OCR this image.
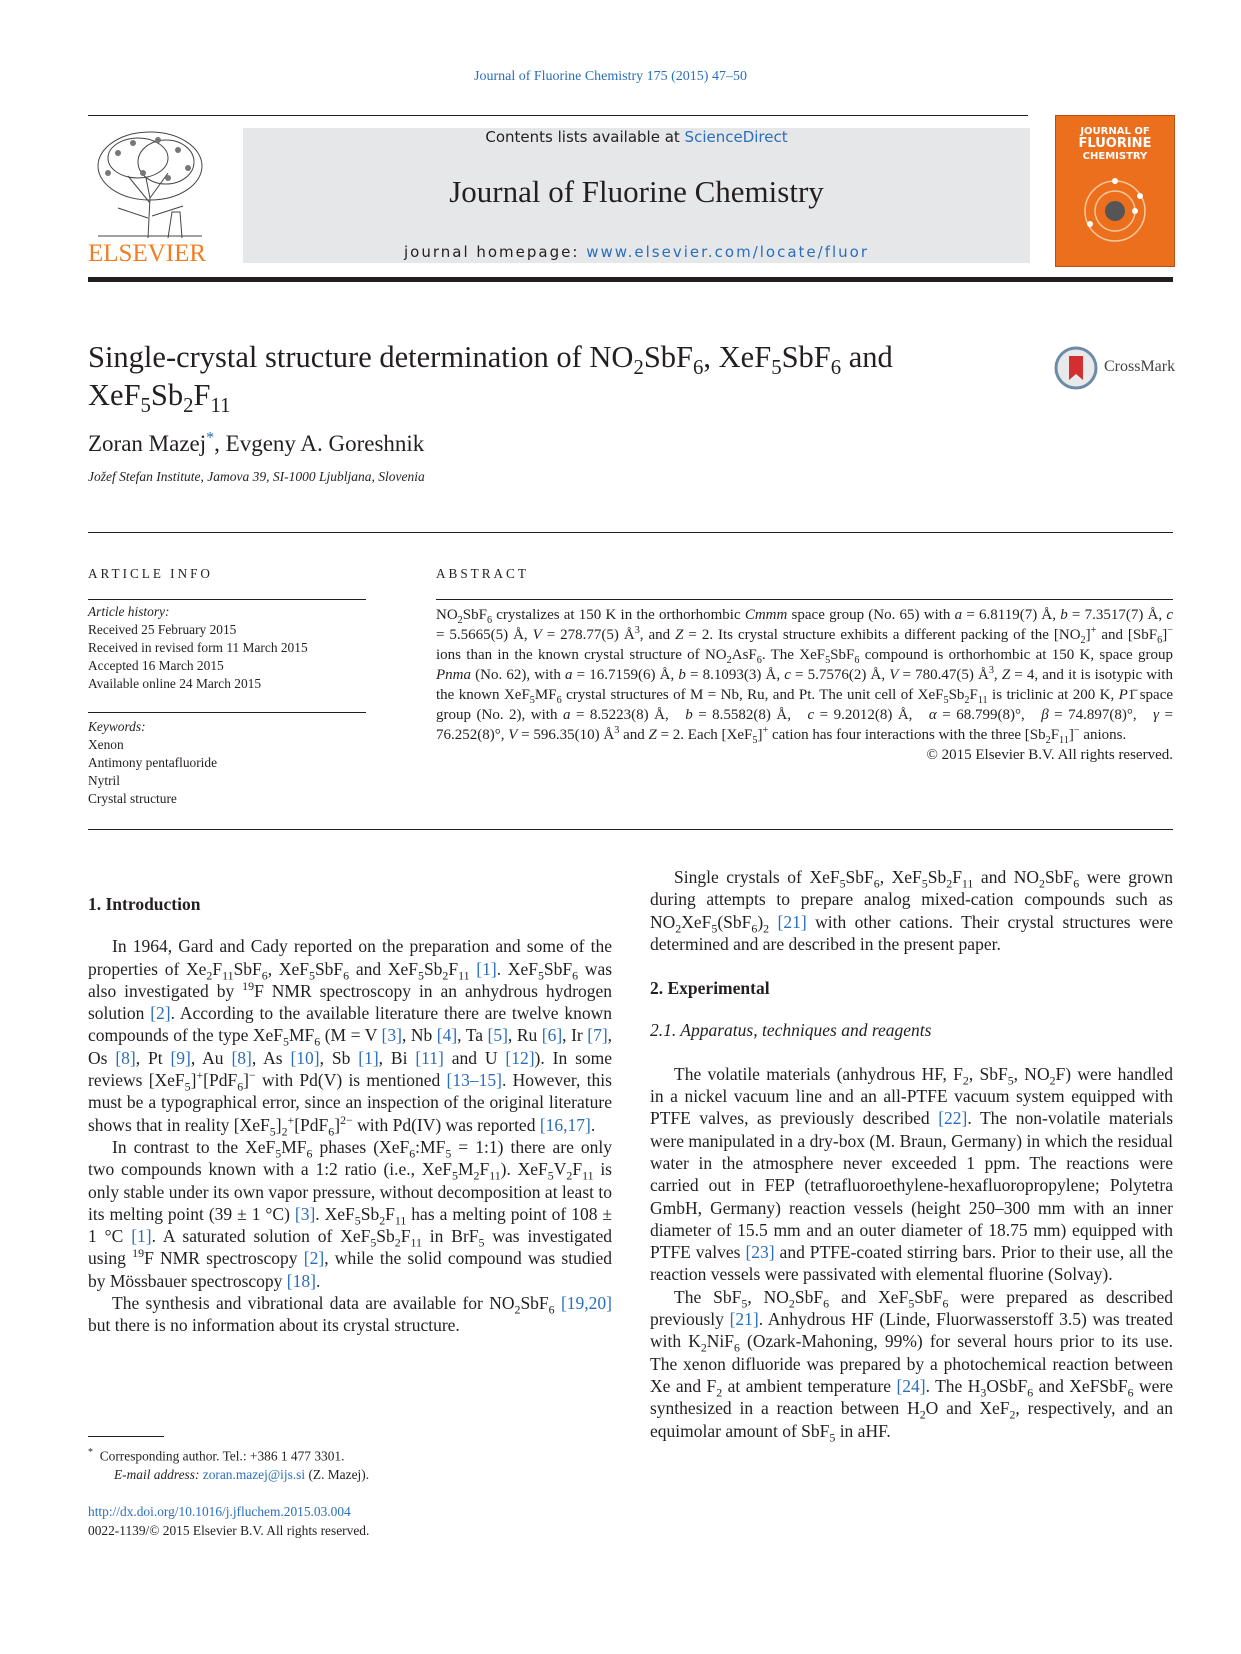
Journal of Fluorine Chemistry 175 (2015) 47–50
ELSEVIER
Contents lists available at ScienceDirect
Journal of Fluorine Chemistry
journal homepage: www.elsevier.com/locate/fluor
JOURNAL OF
FLUORINE
CHEMISTRY
Single-crystal structure determination of $NO_2SbF_6$, XeF$_5$SbF$_6$ and
$XeF_5Sb_2F_{11}$
CrossMark
Zoran Mazej*, Evgeny A. Goreshnik
Jožef Stefan Institute, Jamova 39, SI-1000 Ljubljana, Slovenia
ARTICLE INFO
Article history:
Received 25 February 2015
Received in revised form 11 March 2015
Accepted 16 March 2015
Available online 24 March 2015
Keywords:
Xenon
Antimony pentafluoride
Nytril
Crystal structure
ABSTRACT
$NO_2SbF_6$ crystalizes at 150 K in the orthorhombic Cmmm space group (No. 65) with a = 6.8119(7) Å, b = 7.3517(7) Å, c = 5.5665(5) Å, V = 278.77(5) $Å^3$, and Z = 2. Its crystal structure exhibits a different packing of the $[NO_2]^+$ and [SbF$_6$]− ions than in the known crystal structure of $NO_2AsF_6$. The XeF$_5$SbF$_6$ compound is orthorhombic at 150 K, space group Pnma (No. 62), with a = 16.7159(6) Å, b = 8.1093(3) Å, c = 5.7576(2) Å, V = 780.47(5) $Å^3$, Z = 4, and it is isotypic with the known $XeF_5MF_6$ crystal structures of M = Nb, Ru, and Pt. The unit cell of $XeF_5Sb_2F_{11}$ is triclinic at 200 K, P1̄ space group (No. 2), with a = 8.5223(8) Å,   b = 8.5582(8) Å,   c = 9.2012(8) Å,   α = 68.799(8)°,   β = 74.897(8)°,   γ = 76.252(8)°, V = 596.35(10) $Å^3$ and Z = 2. Each [XeF$_5$]+ cation has four interactions with the three $[Sb_2F_{11}]^-$ anions.
© 2015 Elsevier B.V. All rights reserved.
1. Introduction

In 1964, Gard and Cady reported on the preparation and some of the properties of $Xe_2F_{11}SbF_6$, XeF$_5$SbF$_6$ and $XeF_5Sb_2F_{11}$ [1]. XeF$_5$SbF$_6$ was also investigated by $^{19}$F NMR spectroscopy in an anhydrous hydrogen solution [2]. According to the available literature there are twelve known compounds of the type $XeF_5MF_6$ (M = V [3], Nb [4], Ta [5], Ru [6], Ir [7], Os [8], Pt [9], Au [8], As [10], Sb [1], Bi [11] and U [12]). In some reviews [XeF$_5$]+[PdF$_6$]− with Pd(V) is mentioned [13–15]. However, this must be a typographical error, since an inspection of the original literature shows that in reality $[XeF_5]_2^+[PdF_6]^{2-}$ with Pd(IV) was reported [16,17].

In contrast to the $XeF_5MF_6$ phases ($XeF_6:MF_5$ = 1:1) there are only two compounds known with a 1:2 ratio (i.e., $XeF_5M_2F_{11}$). $XeF_5V_2F_{11}$ is only stable under its own vapor pressure, without decomposition at least to its melting point (39 ± 1 °C) [3]. $XeF_5Sb_2F_{11}$ has a melting point of 108 ± 1 °C [1]. A saturated solution of $XeF_5Sb_2F_{11}$ in BrF$_5$ was investigated using $^{19}$F NMR spectroscopy [2], while the solid compound was studied by Mössbauer spectroscopy [18].

The synthesis and vibrational data are available for $NO_2SbF_6$ [19,20] but there is no information about its crystal structure.

* Corresponding author. Tel.: +386 1 477 3301.
E-mail address: zoran.mazej@ijs.si (Z. Mazej).
http://dx.doi.org/10.1016/j.jfluchem.2015.03.004
0022-1139/© 2015 Elsevier B.V. All rights reserved.

Single crystals of XeF$_5$SbF$_6$, $XeF_5Sb_2F_{11}$ and $NO_2SbF_6$ were grown during attempts to prepare analog mixed-cation compounds such as $NO_2XeF_5(SbF_6)_2$ [21] with other cations. Their crystal structures were determined and are described in the present paper.

2. Experimental
2.1. Apparatus, techniques and reagents

The volatile materials (anhydrous HF, $F_2$, SbF$_5$, $NO_2F$) were handled in a nickel vacuum line and an all-PTFE vacuum system equipped with PTFE valves, as previously described [22]. The non-volatile materials were manipulated in a dry-box (M. Braun, Germany) in which the residual water in the atmosphere never exceeded 1 ppm. The reactions were carried out in FEP (tetrafluoroethylene-hexafluoropropylene; Polytetra GmbH, Germany) reaction vessels (height 250–300 mm with an inner diameter of 15.5 mm and an outer diameter of 18.75 mm) equipped with PTFE valves [23] and PTFE-coated stirring bars. Prior to their use, all the reaction vessels were passivated with elemental fluorine (Solvay).

The SbF$_5$, $NO_2SbF_6$ and XeF$_5$SbF$_6$ were prepared as described previously [21]. Anhydrous HF (Linde, Fluorwasserstoff 3.5) was treated with $K_2NiF_6$ (Ozark-Mahoning, 99%) for several hours prior to its use. The xenon difluoride was prepared by a photochemical reaction between Xe and $F_2$ at ambient temperature [24]. The $H_3OSbF_6$ and XeFSbF$_6$ were synthesized in a reaction between $H_2O$ and XeF$_2$, respectively, and an equimolar amount of SbF$_5$ in aHF.
